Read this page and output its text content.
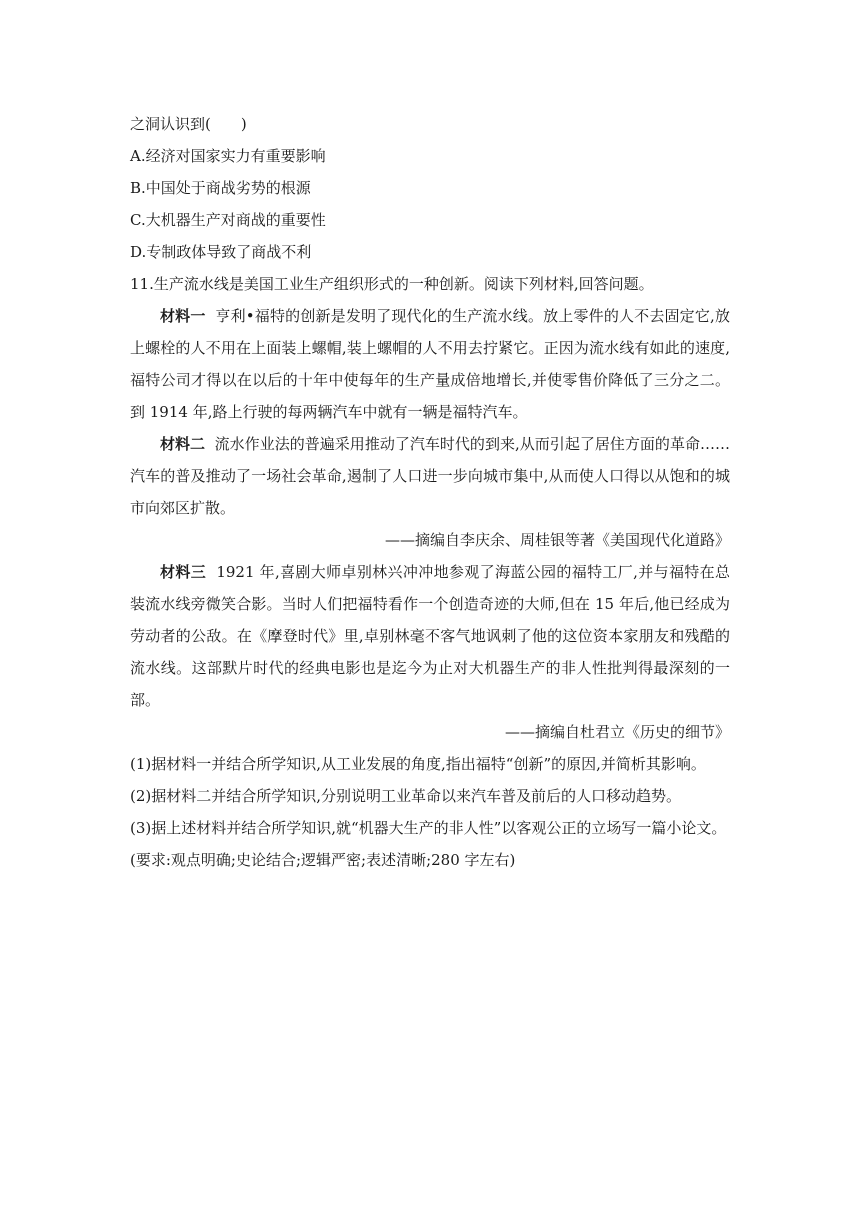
之洞认识到(　　)
A.经济对国家实力有重要影响
B.中国处于商战劣势的根源
C.大机器生产对商战的重要性
D.专制政体导致了商战不利
11.生产流水线是美国工业生产组织形式的一种创新。阅读下列材料,回答问题。
材料一 亨利•福特的创新是发明了现代化的生产流水线。放上零件的人不去固定它,放上螺栓的人不用在上面装上螺帽,装上螺帽的人不用去拧紧它。正因为流水线有如此的速度,福特公司才得以在以后的十年中使每年的生产量成倍地增长,并使零售价降低了三分之二。到 1914 年,路上行驶的每两辆汽车中就有一辆是福特汽车。
材料二 流水作业法的普遍采用推动了汽车时代的到来,从而引起了居住方面的革命……汽车的普及推动了一场社会革命,遏制了人口进一步向城市集中,从而使人口得以从饱和的城市向郊区扩散。
——摘编自李庆余、周桂银等著《美国现代化道路》
材料三 1921 年,喜剧大师卓别林兴冲冲地参观了海蓝公园的福特工厂,并与福特在总装流水线旁微笑合影。当时人们把福特看作一个创造奇迹的大师,但在 15 年后,他已经成为劳动者的公敌。在《摩登时代》里,卓别林毫不客气地讽刺了他的这位资本家朋友和残酷的流水线。这部默片时代的经典电影也是迄今为止对大机器生产的非人性批判得最深刻的一部。
——摘编自杜君立《历史的细节》
(1)据材料一并结合所学知识,从工业发展的角度,指出福特“创新”的原因,并简析其影响。
(2)据材料二并结合所学知识,分别说明工业革命以来汽车普及前后的人口移动趋势。
(3)据上述材料并结合所学知识,就“机器大生产的非人性”以客观公正的立场写一篇小论文。
(要求:观点明确;史论结合;逻辑严密;表述清晰;280 字左右)
